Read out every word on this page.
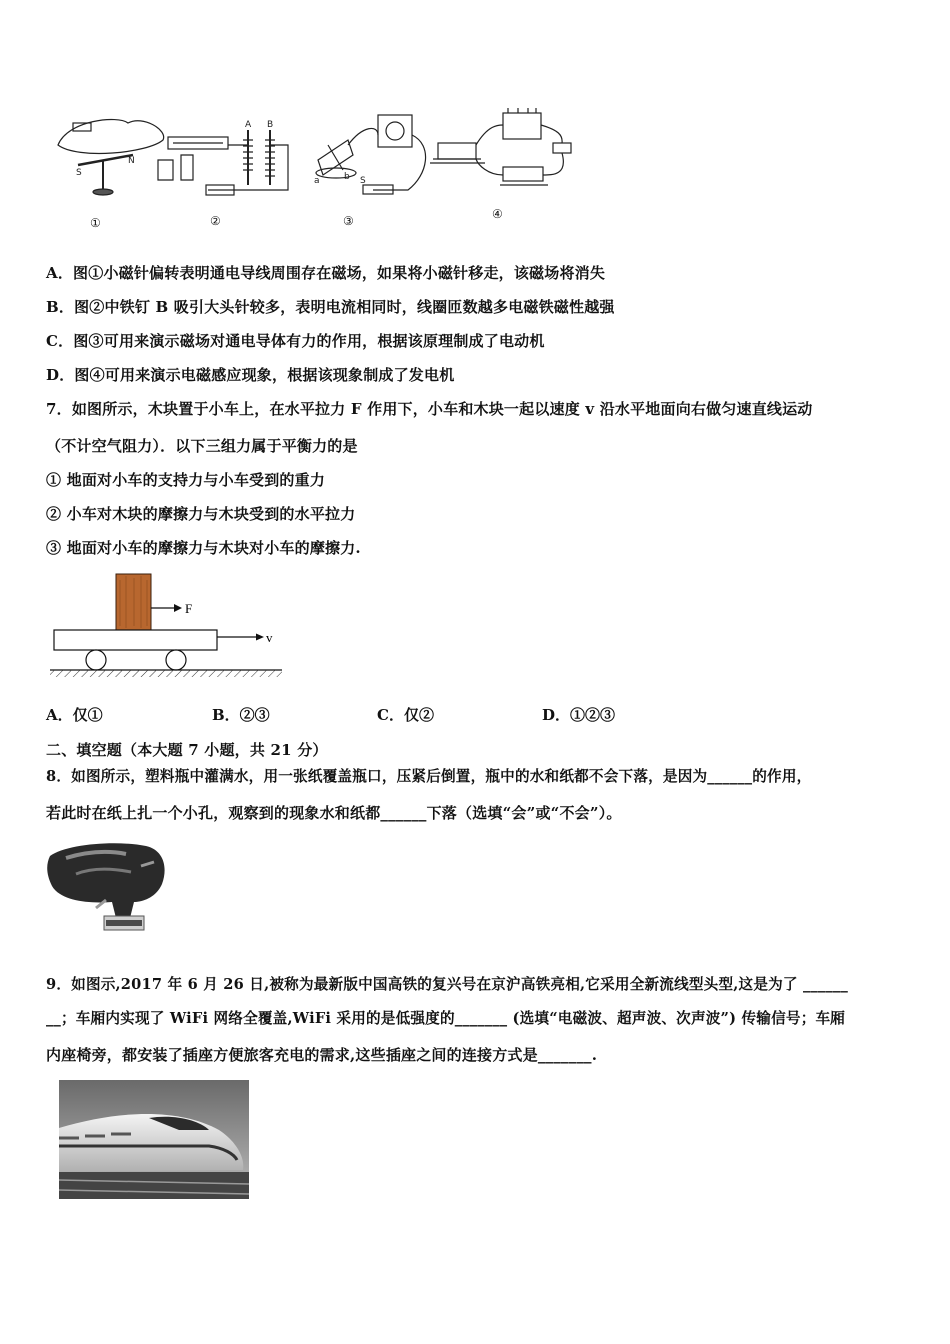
S
N
A B
a	b S
①	②	③	④
A．图①小磁针偏转表明通电导线周围存在磁场，如果将小磁针移走，该磁场将消失
B．图②中铁钉 B 吸引大头针较多，表明电流相同时，线圈匝数越多电磁铁磁性越强
C．图③可用来演示磁场对通电导体有力的作用，根据该原理制成了电动机
D．图④可用来演示电磁感应现象，根据该现象制成了发电机
7．如图所示，木块置于小车上，在水平拉力 F 作用下，小车和木块一起以速度 v 沿水平地面向右做匀速直线运动
（不计空气阻力）．以下三组力属于平衡力的是
① 地面对小车的支持力与小车受到的重力
② 小车对木块的摩擦力与木块受到的水平拉力
③ 地面对小车的摩擦力与木块对小车的摩擦力.
F
v
A．仅①	B．②③	C．仅②	D．①②③
二、填空题（本大题 7 小题，共 21 分）
8．如图所示，塑料瓶中灌满水，用一张纸覆盖瓶口，压紧后倒置，瓶中的水和纸都不会下落，是因为______的作用，
若此时在纸上扎一个小孔，观察到的现象水和纸都______下落（选填“会”或“不会”）。
9．如图示,2017 年 6 月 26 日,被称为最新版中国高铁的复兴号在京沪高铁亮相,它采用全新流线型头型,这是为了 ______
__；车厢内实现了 WiFi 网络全覆盖,WiFi 采用的是低强度的_______ (选填“电磁波、超声波、次声波”) 传输信号；车厢
内座椅旁，都安装了插座方便旅客充电的需求,这些插座之间的连接方式是_______.
